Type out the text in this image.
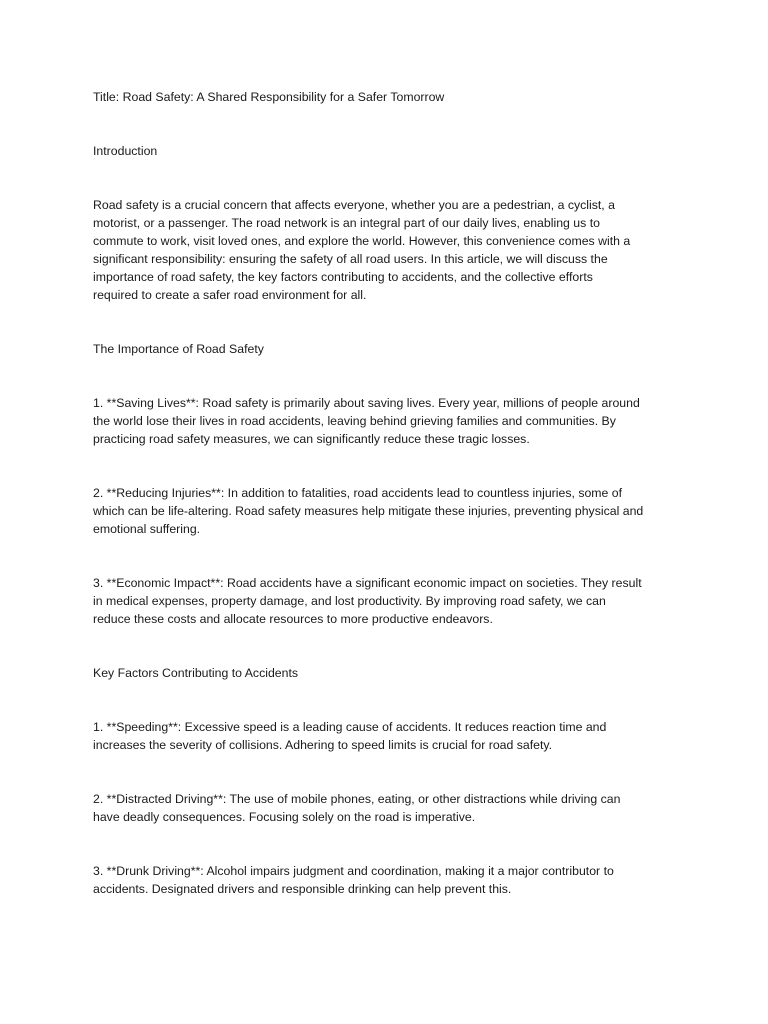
Title: Road Safety: A Shared Responsibility for a Safer Tomorrow
Introduction
Road safety is a crucial concern that affects everyone, whether you are a pedestrian, a cyclist, a
motorist, or a passenger. The road network is an integral part of our daily lives, enabling us to
commute to work, visit loved ones, and explore the world. However, this convenience comes with a
significant responsibility: ensuring the safety of all road users. In this article, we will discuss the
importance of road safety, the key factors contributing to accidents, and the collective efforts
required to create a safer road environment for all.
The Importance of Road Safety
1. **Saving Lives**: Road safety is primarily about saving lives. Every year, millions of people around
the world lose their lives in road accidents, leaving behind grieving families and communities. By
practicing road safety measures, we can significantly reduce these tragic losses.
2. **Reducing Injuries**: In addition to fatalities, road accidents lead to countless injuries, some of
which can be life-altering. Road safety measures help mitigate these injuries, preventing physical and
emotional suffering.
3. **Economic Impact**: Road accidents have a significant economic impact on societies. They result
in medical expenses, property damage, and lost productivity. By improving road safety, we can
reduce these costs and allocate resources to more productive endeavors.
Key Factors Contributing to Accidents
1. **Speeding**: Excessive speed is a leading cause of accidents. It reduces reaction time and
increases the severity of collisions. Adhering to speed limits is crucial for road safety.
2. **Distracted Driving**: The use of mobile phones, eating, or other distractions while driving can
have deadly consequences. Focusing solely on the road is imperative.
3. **Drunk Driving**: Alcohol impairs judgment and coordination, making it a major contributor to
accidents. Designated drivers and responsible drinking can help prevent this.
